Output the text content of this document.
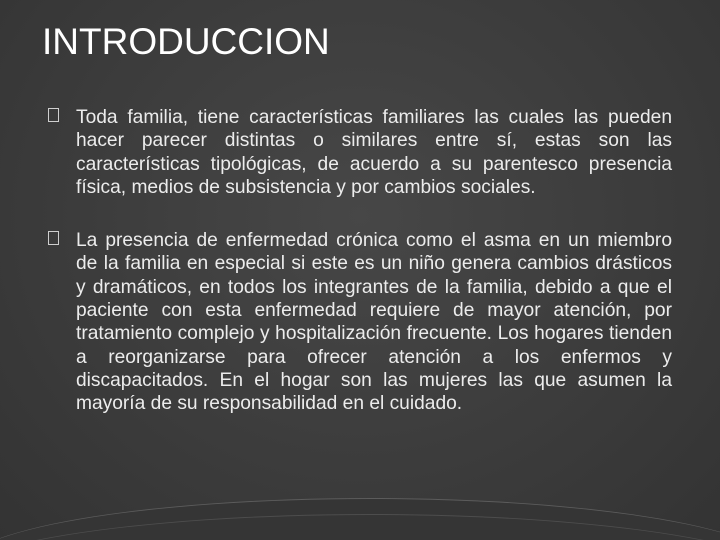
INTRODUCCION
Toda familia, tiene características familiares las cuales las pueden hacer parecer distintas o similares entre sí, estas son las características tipológicas, de acuerdo a su parentesco presencia física, medios de subsistencia y por cambios sociales.
La presencia de enfermedad crónica como el asma en un miembro de la familia en especial si este es un niño genera cambios drásticos y dramáticos, en todos los integrantes de la familia, debido a que el paciente con esta enfermedad requiere de mayor atención, por tratamiento complejo y hospitalización frecuente. Los hogares tienden a reorganizarse para ofrecer atención a los enfermos y discapacitados. En el hogar son las mujeres las que asumen la mayoría de su responsabilidad en el cuidado.
